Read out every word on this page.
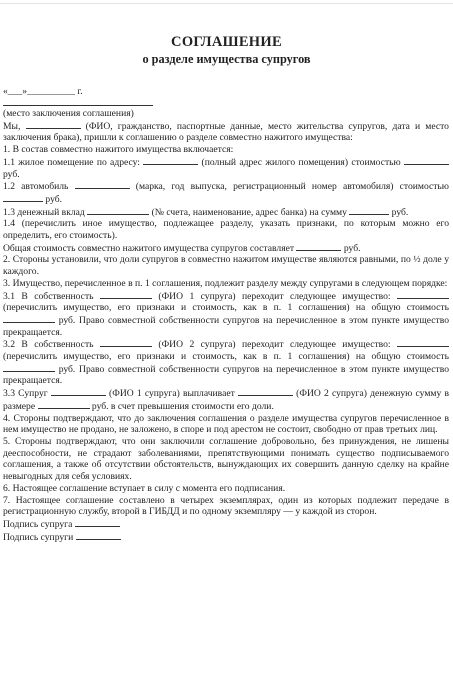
СОГЛАШЕНИЕ
о разделе имущества супругов
«___»__________ г.

(место заключения соглашения)

Мы,	(ФИО, гражданство, паспортные данные, место жительства супругов, дата и место заключения брака), пришли к соглашению о разделе совместно нажитого имущества:

1. В состав совместно нажитого имущества включается:

1.1 жилое помещение по адресу:	(полный адрес жилого помещения) стоимостью  руб.

1.2 автомобиль	(марка, год выпуска, регистрационный номер автомобиля) стоимостью  руб.

1.3 денежный вклад	(№ счета, наименование, адрес банка) на сумму	руб.

1.4 (перечислить иное имущество, подлежащее разделу, указать признаки, по которым можно его определить, его стоимость).

Общая стоимость совместно нажитого имущества супругов составляет	руб.

2. Стороны установили, что доли супругов в совместно нажитом имуществе являются равными, по ½ доле у каждого.

3. Имущество, перечисленное в п. 1 соглашения, подлежит разделу между супругами в следующем порядке:

3.1 В собственность	(ФИО 1 супруга) переходит следующее имущество:  (перечислить имущество, его признаки и стоимость, как в п. 1 соглашения) на общую стоимость  руб. Право совместной собственности супругов на перечисленное в этом пункте имущество прекращается.

3.2 В собственность	(ФИО 2 супруга) переходит следующее имущество:  (перечислить имущество, его признаки и стоимость, как в п. 1 соглашения) на общую стоимость  руб. Право совместной собственности супругов на перечисленное в этом пункте имущество прекращается.

3.3 Супруг	(ФИО 1 супруга) выплачивает	(ФИО 2 супруга) денежную сумму в размере	руб. в счет превышения стоимости его доли.

4. Стороны подтверждают, что до заключения соглашения о разделе имущества супругов перечисленное в нем имущество не продано, не заложено, в споре и под арестом не состоит, свободно от прав третьих лиц.

5. Стороны подтверждают, что они заключили соглашение добровольно, без принуждения, не лишены дееспособности, не страдают заболеваниями, препятствующими понимать существо подписываемого соглашения, а также об отсутствии обстоятельств, вынуждающих их совершить данную сделку на крайне невыгодных для себя условиях.

6. Настоящее соглашение вступает в силу с момента его подписания.

7. Настоящее соглашение составлено в четырех экземплярах, один из которых подлежит передаче в регистрационную службу, второй в ГИБДД и по одному экземпляру — у каждой из сторон.

Подпись супруга

Подпись супруги
